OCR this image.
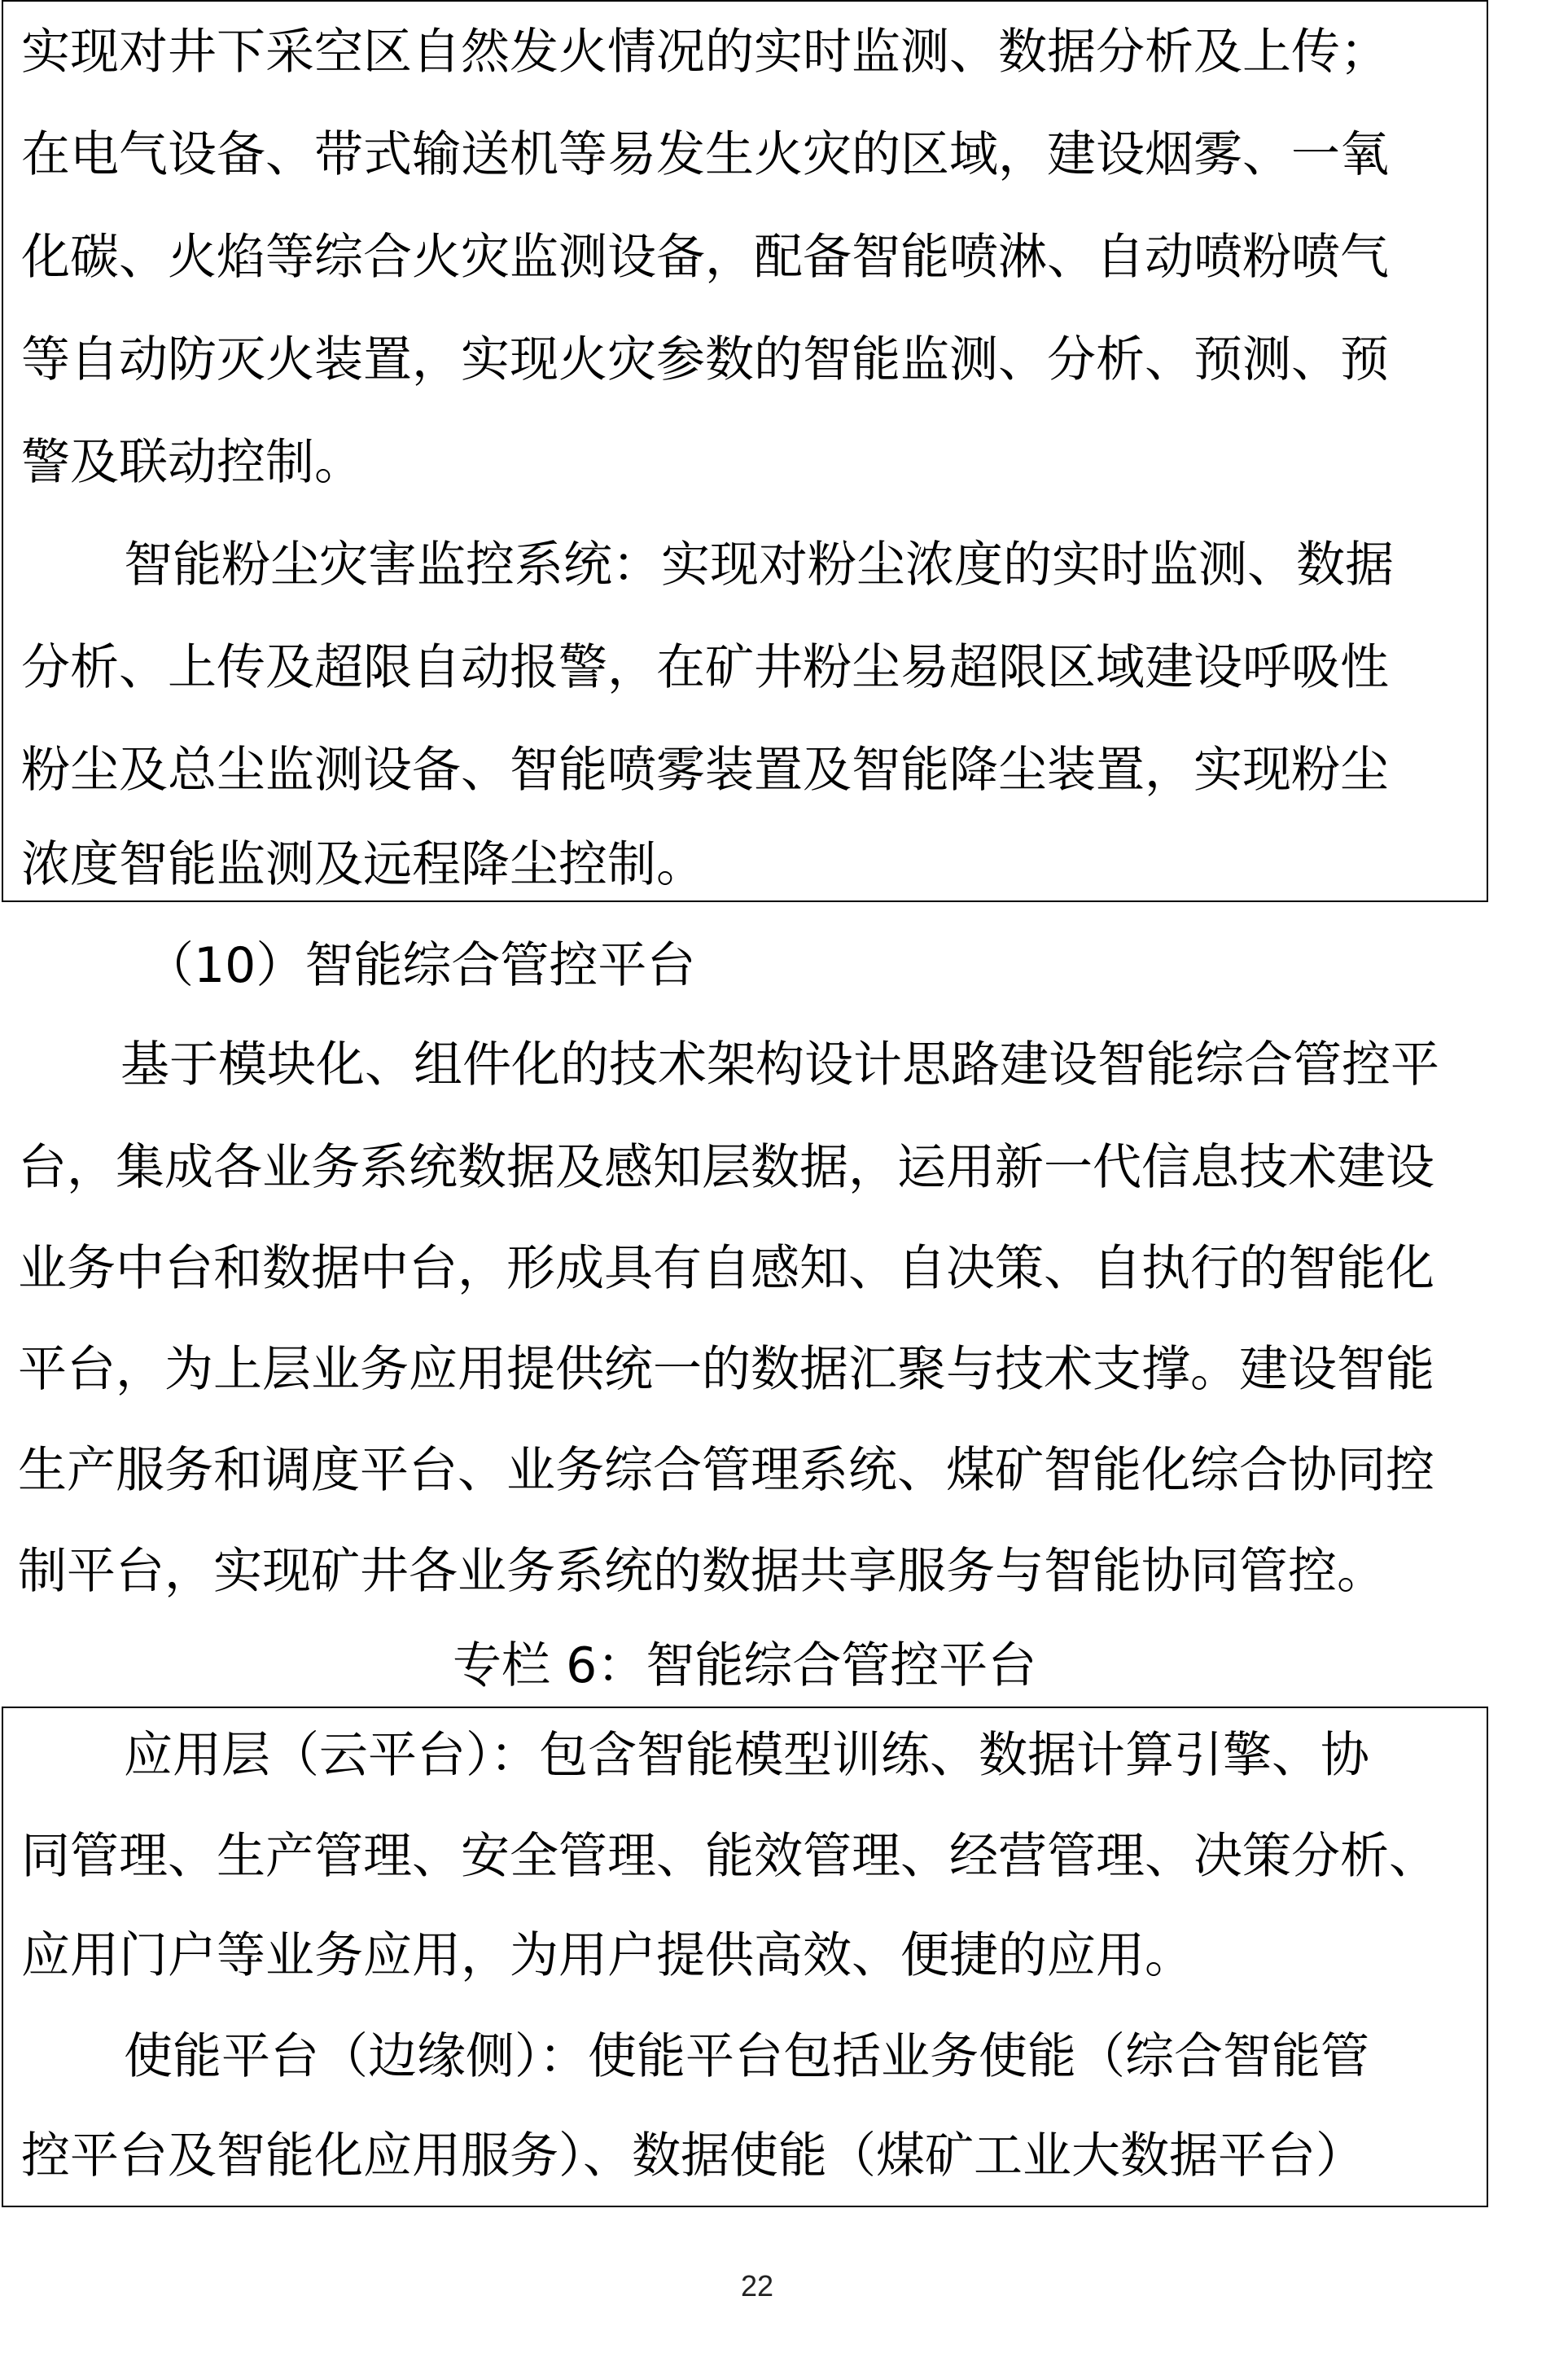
实现对井下采空区自然发火情况的实时监测、数据分析及上传；
在电气设备、带式输送机等易发生火灾的区域，建设烟雾、一氧
化碳、火焰等综合火灾监测设备，配备智能喷淋、自动喷粉喷气
等自动防灭火装置，实现火灾参数的智能监测、分析、预测、预
警及联动控制。
智能粉尘灾害监控系统：实现对粉尘浓度的实时监测、数据
分析、上传及超限自动报警，在矿井粉尘易超限区域建设呼吸性
粉尘及总尘监测设备、智能喷雾装置及智能降尘装置，实现粉尘
浓度智能监测及远程降尘控制。
（10）智能综合管控平台
基于模块化、组件化的技术架构设计思路建设智能综合管控平
台，集成各业务系统数据及感知层数据，运用新一代信息技术建设
业务中台和数据中台，形成具有自感知、自决策、自执行的智能化
平台，为上层业务应用提供统一的数据汇聚与技术支撑。建设智能
生产服务和调度平台、业务综合管理系统、煤矿智能化综合协同控
制平台，实现矿井各业务系统的数据共享服务与智能协同管控。
专栏 6：智能综合管控平台
应用层（云平台）：包含智能模型训练、数据计算引擎、协
同管理、生产管理、安全管理、能效管理、经营管理、决策分析、
应用门户等业务应用，为用户提供高效、便捷的应用。
使能平台（边缘侧）：使能平台包括业务使能（综合智能管
控平台及智能化应用服务）、数据使能（煤矿工业大数据平台）
22
